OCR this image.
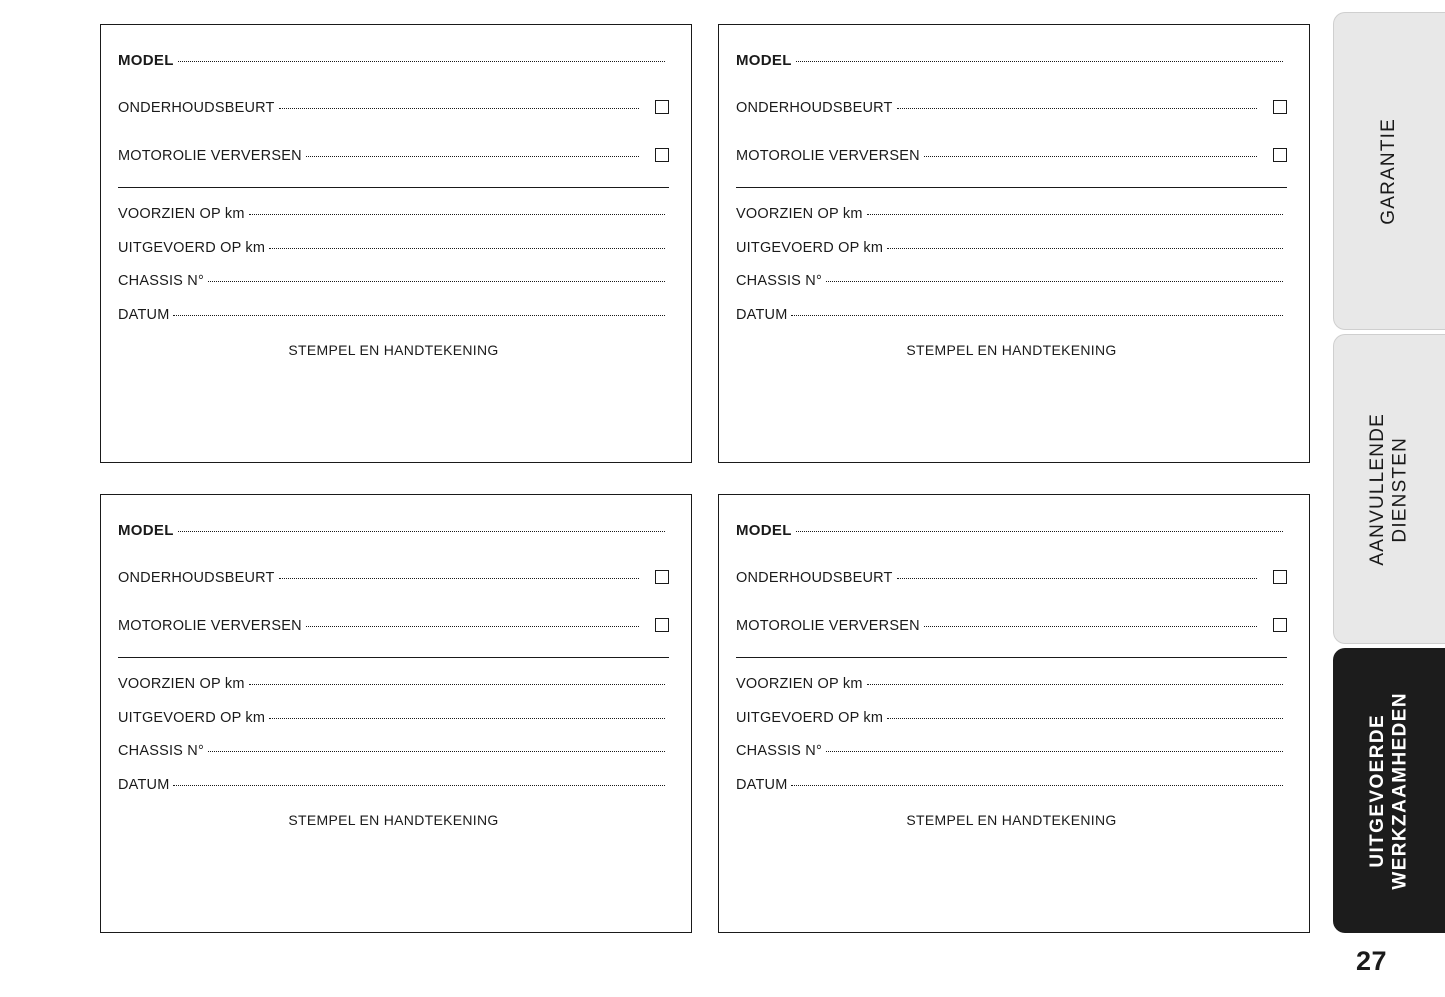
MODEL
ONDERHOUDSBEURT
MOTOROLIE VERVERSEN
VOORZIEN OP km
UITGEVOERD OP km
CHASSIS N°
DATUM
STEMPEL EN HANDTEKENING
MODEL
ONDERHOUDSBEURT
MOTOROLIE VERVERSEN
VOORZIEN OP km
UITGEVOERD OP km
CHASSIS N°
DATUM
STEMPEL EN HANDTEKENING
MODEL
ONDERHOUDSBEURT
MOTOROLIE VERVERSEN
VOORZIEN OP km
UITGEVOERD OP km
CHASSIS N°
DATUM
STEMPEL EN HANDTEKENING
MODEL
ONDERHOUDSBEURT
MOTOROLIE VERVERSEN
VOORZIEN OP km
UITGEVOERD OP km
CHASSIS N°
DATUM
STEMPEL EN HANDTEKENING
GARANTIE
AANVULLENDE
DIENSTEN
UITGEVOERDE
WERKZAAMHEDEN
27
